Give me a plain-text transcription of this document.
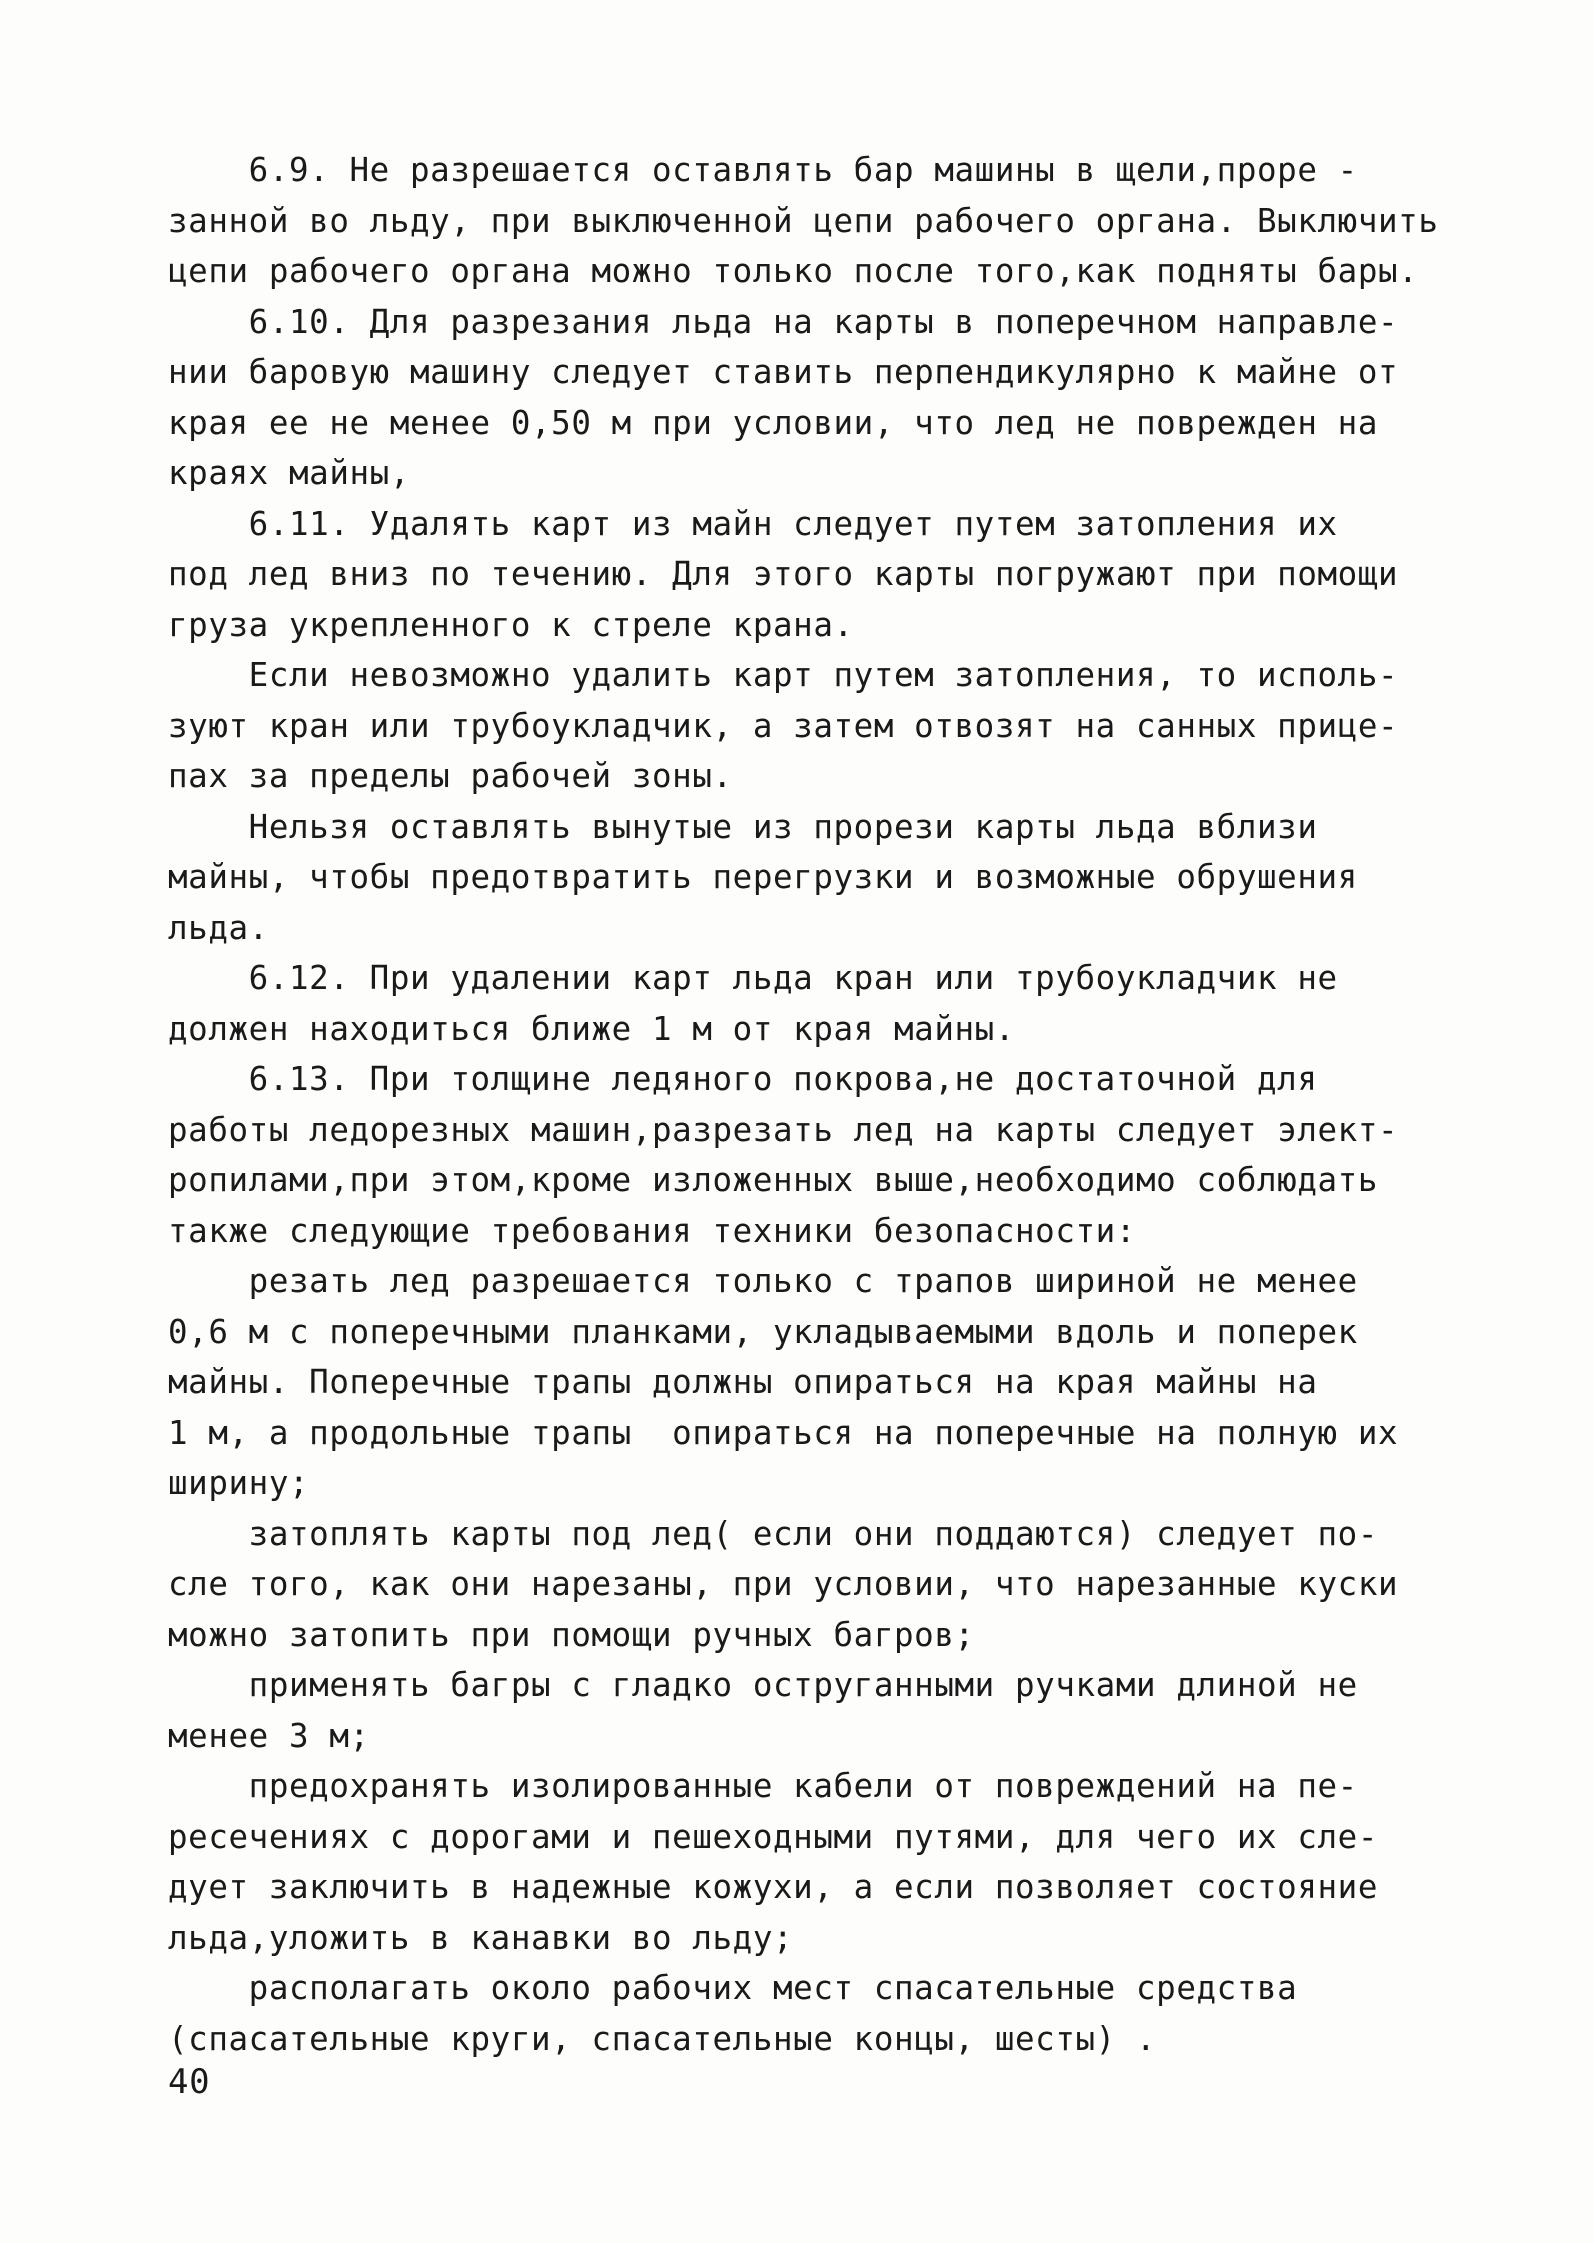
6.9. Не разрешается оставлять бар машины в щели,проре -
занной во льду, при выключенной цепи рабочего органа. Выключить
цепи рабочего органа можно только после того,как подняты бары.
6.10. Для разрезания льда на карты в поперечном направле-
нии баровую машину следует ставить перпендикулярно к майне от
края ее не менее 0,50 м при условии, что лед не поврежден на
краях майны,
6.11. Удалять карт из майн следует путем затопления их
под лед вниз по течению. Для этого карты погружают при помощи
груза укрепленного к стреле крана.
Если невозможно удалить карт путем затопления, то исполь-
зуют кран или трубоукладчик, а затем отвозят на санных прице-
пах за пределы рабочей зоны.
Нельзя оставлять вынутые из прорези карты льда вблизи
майны, чтобы предотвратить перегрузки и возможные обрушения
льда.
6.12. При удалении карт льда кран или трубоукладчик не
должен находиться ближе 1 м от края майны.
6.13. При толщине ледяного покрова,не достаточной для
работы ледорезных машин,разрезать лед на карты следует элект-
ропилами,при этом,кроме изложенных выше,необходимо соблюдать
также следующие требования техники безопасности:
резать лед разрешается только с трапов шириной не менее
0,6 м с поперечными планками, укладываемыми вдоль и поперек
майны. Поперечные трапы должны опираться на края майны на
1 м, а продольные трапы  опираться на поперечные на полную их
ширину;
затоплять карты под лед( если они поддаются) следует по-
сле того, как они нарезаны, при условии, что нарезанные куски
можно затопить при помощи ручных багров;
применять багры с гладко оструганными ручками длиной не
менее 3 м;
предохранять изолированные кабели от повреждений на пе-
ресечениях с дорогами и пешеходными путями, для чего их сле-
дует заключить в надежные кожухи, а если позволяет состояние
льда,уложить в канавки во льду;
располагать около рабочих мест спасательные средства
(спасательные круги, спасательные концы, шесты) .
40
